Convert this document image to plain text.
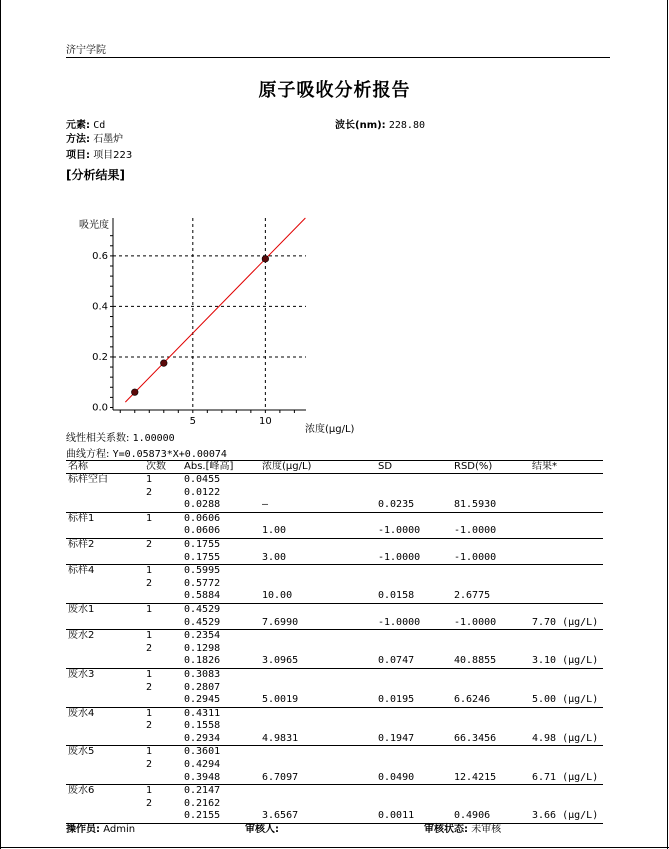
济宁学院
原子吸收分析报告
元素: Cd	波长(nm): 228.80
方法: 石墨炉
项目: 项目223
[分析结果]
0.0
0.2
0.4
0.6
5	10
吸光度
浓度(μg/L)
线性相关系数: 1.00000
曲线方程: Y=0.05873*X+0.00074
名称	次数	Abs.[峰高]	浓度(μg/L)	SD	RSD(%)	结果*
标样空白	1	0.0455				
	2	0.0122				
		0.0288	—	0.0235	81.5930	
标样1	1	0.0606				
		0.0606	1.00	-1.0000	-1.0000	
标样2	2	0.1755				
		0.1755	3.00	-1.0000	-1.0000	
标样4	1	0.5995				
	2	0.5772				
		0.5884	10.00	0.0158	2.6775	
废水1	1	0.4529				
		0.4529	7.6990	-1.0000	-1.0000	7.70 (μg/L)
废水2	1	0.2354				
	2	0.1298				
		0.1826	3.0965	0.0747	40.8855	3.10 (μg/L)
废水3	1	0.3083				
	2	0.2807				
		0.2945	5.0019	0.0195	6.6246	5.00 (μg/L)
废水4	1	0.4311				
	2	0.1558				
		0.2934	4.9831	0.1947	66.3456	4.98 (μg/L)
废水5	1	0.3601				
	2	0.4294				
		0.3948	6.7097	0.0490	12.4215	6.71 (μg/L)
废水6	1	0.2147				
	2	0.2162				
		0.2155	3.6567	0.0011	0.4906	3.66 (μg/L)
操作员: Admin	审核人:	审核状态: 未审核
